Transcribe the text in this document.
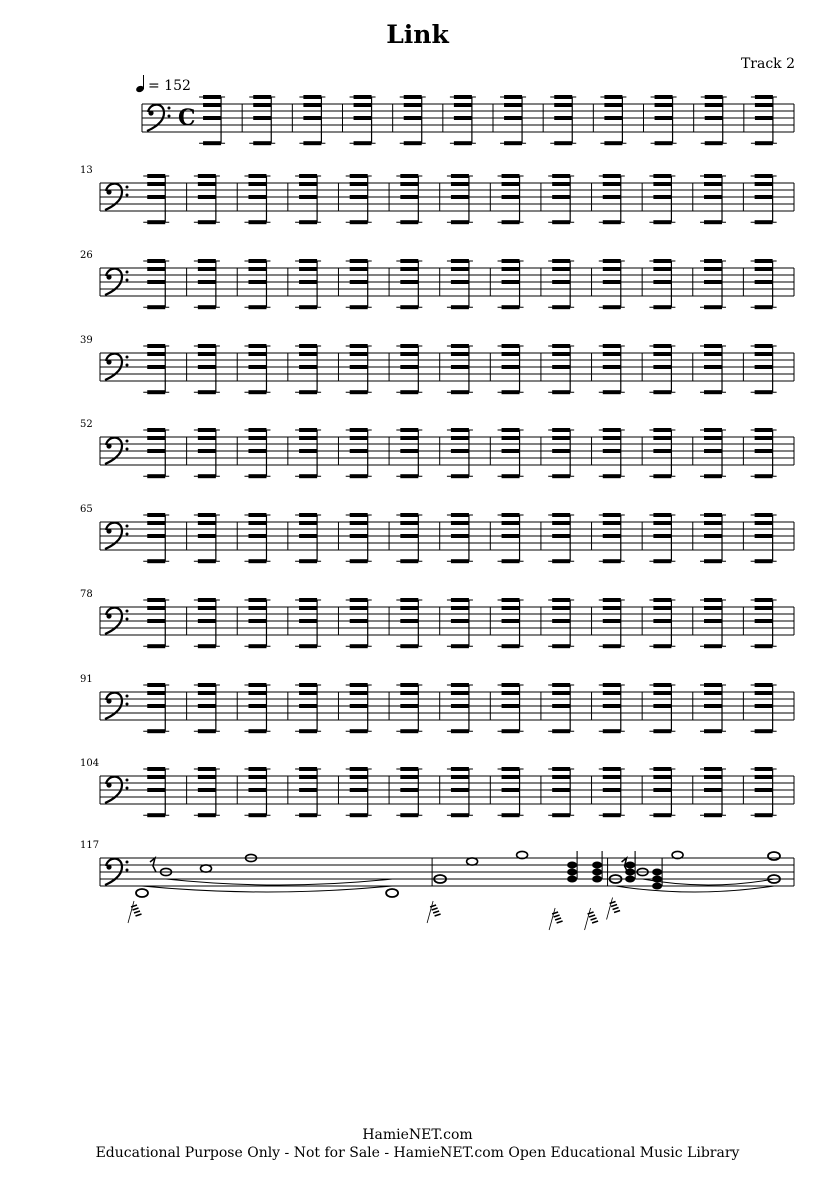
Link
Track 2
= 152
C
13
26
39
52
65
78
91
104
117
HamieNET.com
Educational Purpose Only - Not for Sale - HamieNET.com Open Educational Music Library
